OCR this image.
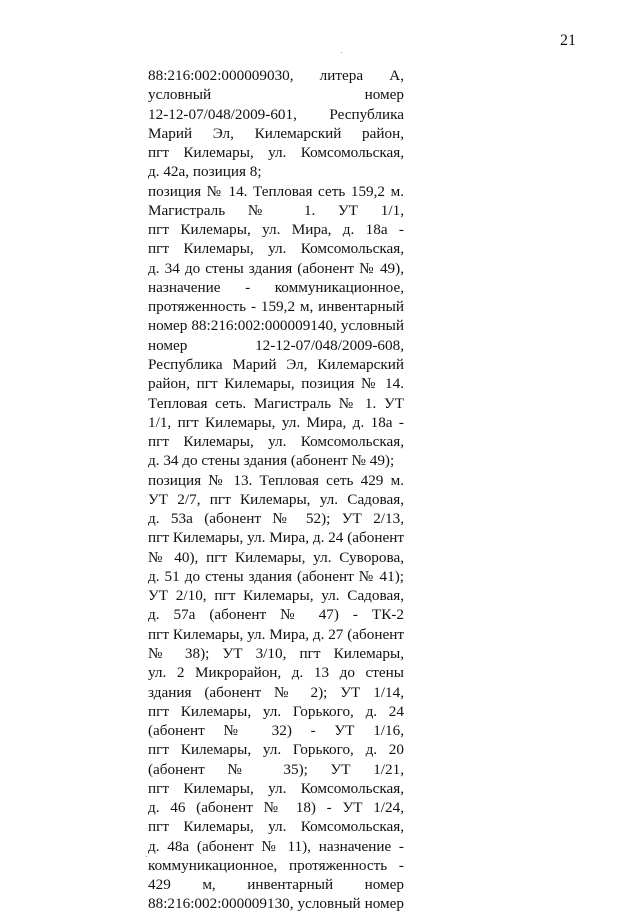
21
88:216:002:000009030, литера А,
условный номер
12-12-07/048/2009-601, Республика
Марий Эл, Килемарский район,
пгт Килемары, ул. Комсомольская,
д. 42а, позиция 8;
позиция № 14. Тепловая сеть 159,2 м.
Магистраль № 1. УТ 1/1,
пгт Килемары, ул. Мира, д. 18а -
пгт Килемары, ул. Комсомольская,
д. 34 до стены здания (абонент № 49),
назначение - коммуникационное,
протяженность - 159,2 м, инвентарный
номер 88:216:002:000009140, условный
номер 12-12-07/048/2009-608,
Республика Марий Эл, Килемарский
район, пгт Килемары, позиция № 14.
Тепловая сеть. Магистраль № 1. УТ
1/1, пгт Килемары, ул. Мира, д. 18а -
пгт Килемары, ул. Комсомольская,
д. 34 до стены здания (абонент № 49);
позиция № 13. Тепловая сеть 429 м.
УТ 2/7, пгт Килемары, ул. Садовая,
д. 53а (абонент № 52); УТ 2/13,
пгт Килемары, ул. Мира, д. 24 (абонент
№ 40), пгт Килемары, ул. Суворова,
д. 51 до стены здания (абонент № 41);
УТ 2/10, пгт Килемары, ул. Садовая,
д. 57а (абонент № 47) - ТК-2
пгт Килемары, ул. Мира, д. 27 (абонент
№ 38); УТ 3/10, пгт Килемары,
ул. 2 Микрорайон, д. 13 до стены
здания (абонент № 2); УТ 1/14,
пгт Килемары, ул. Горького, д. 24
(абонент № 32) - УТ 1/16,
пгт Килемары, ул. Горького, д. 20
(абонент № 35); УТ 1/21,
пгт Килемары, ул. Комсомольская,
д. 46 (абонент № 18) - УТ 1/24,
пгт Килемары, ул. Комсомольская,
д. 48а (абонент № 11), назначение -
коммуникационное, протяженность -
429 м, инвентарный номер
88:216:002:000009130, условный номер
